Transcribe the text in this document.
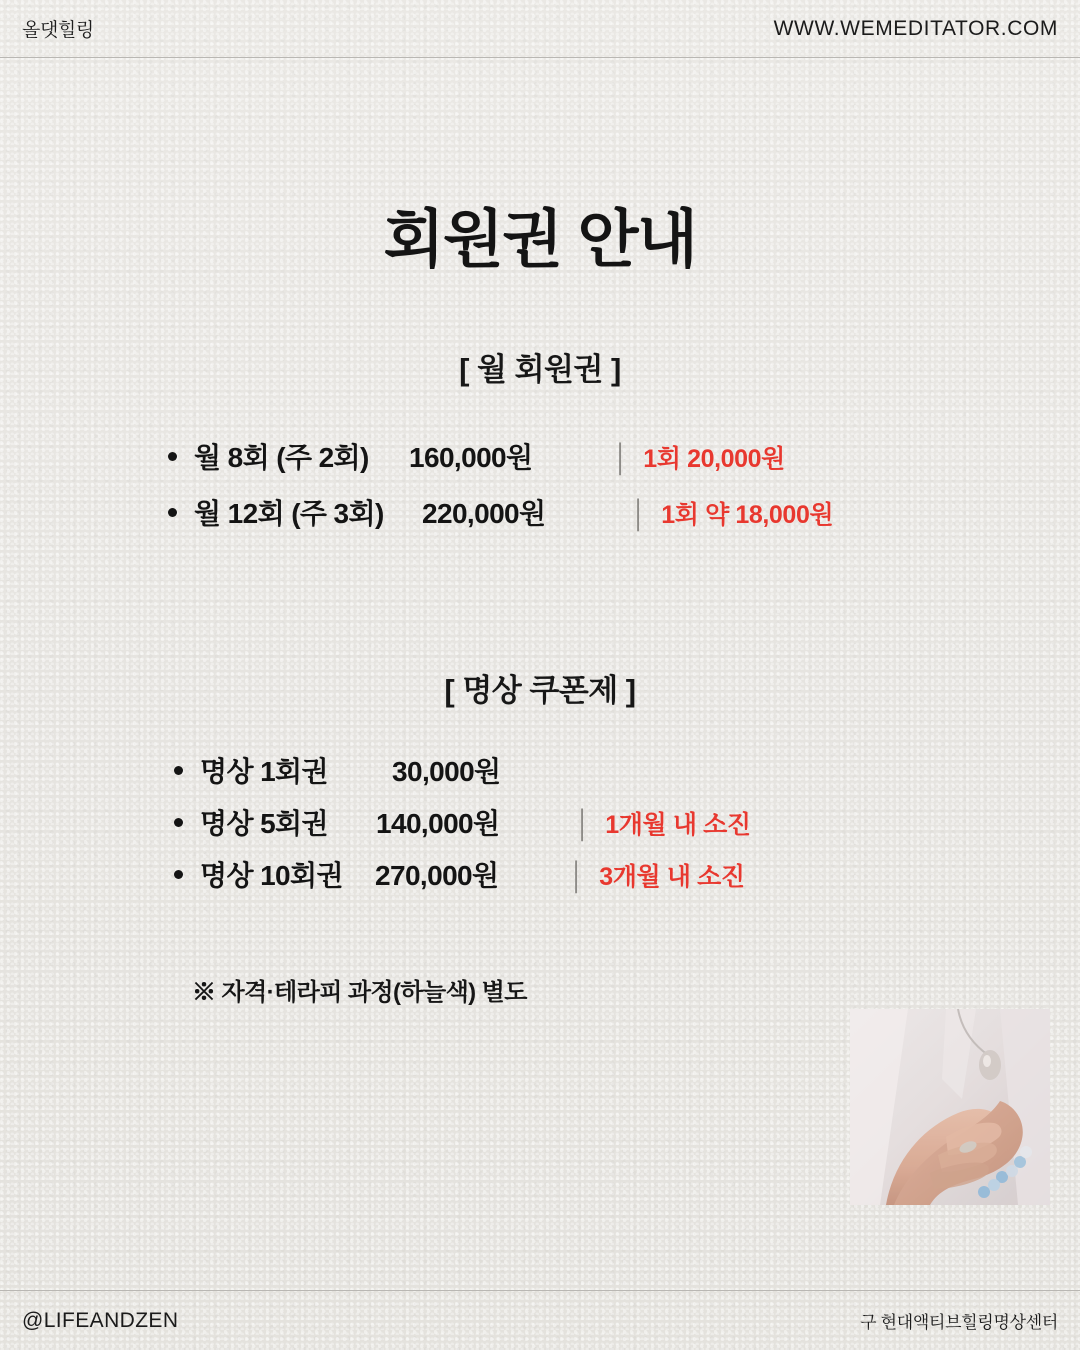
올댓힐링	WWW.WEMEDITATOR.COM
회원권 안내
[ 월 회원권 ]
월 8회 (주 2회)	160,000원	│ 1회 20,000원
월 12회 (주 3회)	220,000원	│ 1회 약 18,000원
[ 명상 쿠폰제 ]
명상 1회권	30,000원
명상 5회권	140,000원	│ 1개월 내 소진
명상 10회권	270,000원	│ 3개월 내 소진
※ 자격·테라피 과정(하늘색) 별도
@LIFEANDZEN	구 현대액티브힐링명상센터
